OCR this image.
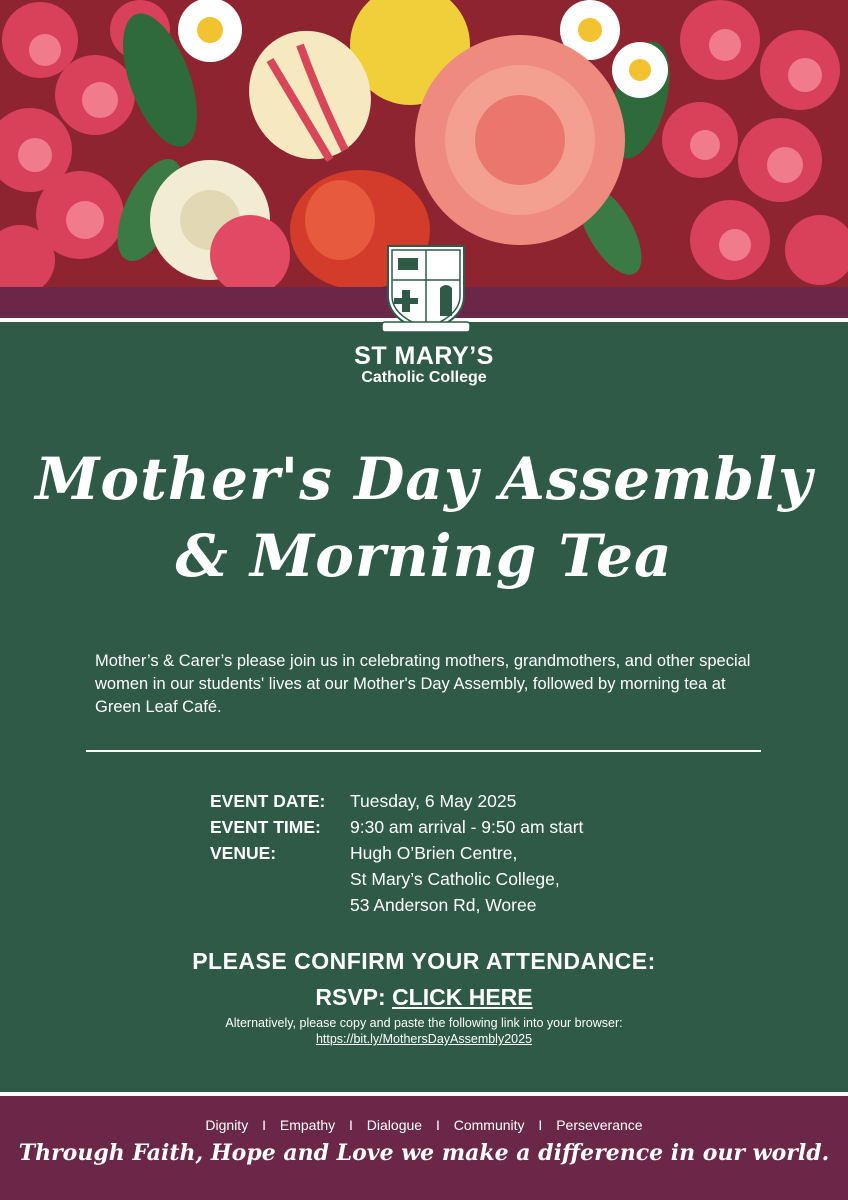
ST MARY’S
Catholic College
Mother's Day Assembly
& Morning Tea
Mother’s & Carer’s please join us in celebrating mothers, grandmothers, and other special women in our students' lives at our Mother's Day Assembly, followed by morning tea at Green Leaf Café.
EVENT DATE: Tuesday, 6 May 2025
EVENT TIME: 9:30 am arrival - 9:50 am start
VENUE:	Hugh O’Brien Centre,
St Mary’s Catholic College,
53 Anderson Rd, Woree
PLEASE CONFIRM YOUR ATTENDANCE:
RSVP: CLICK HERE
Alternatively, please copy and paste the following link into your browser:
https://bit.ly/MothersDayAssembly2025
Dignity I Empathy I Dialogue I Community I Perseverance
Through Faith, Hope and Love we make a difference in our world.
